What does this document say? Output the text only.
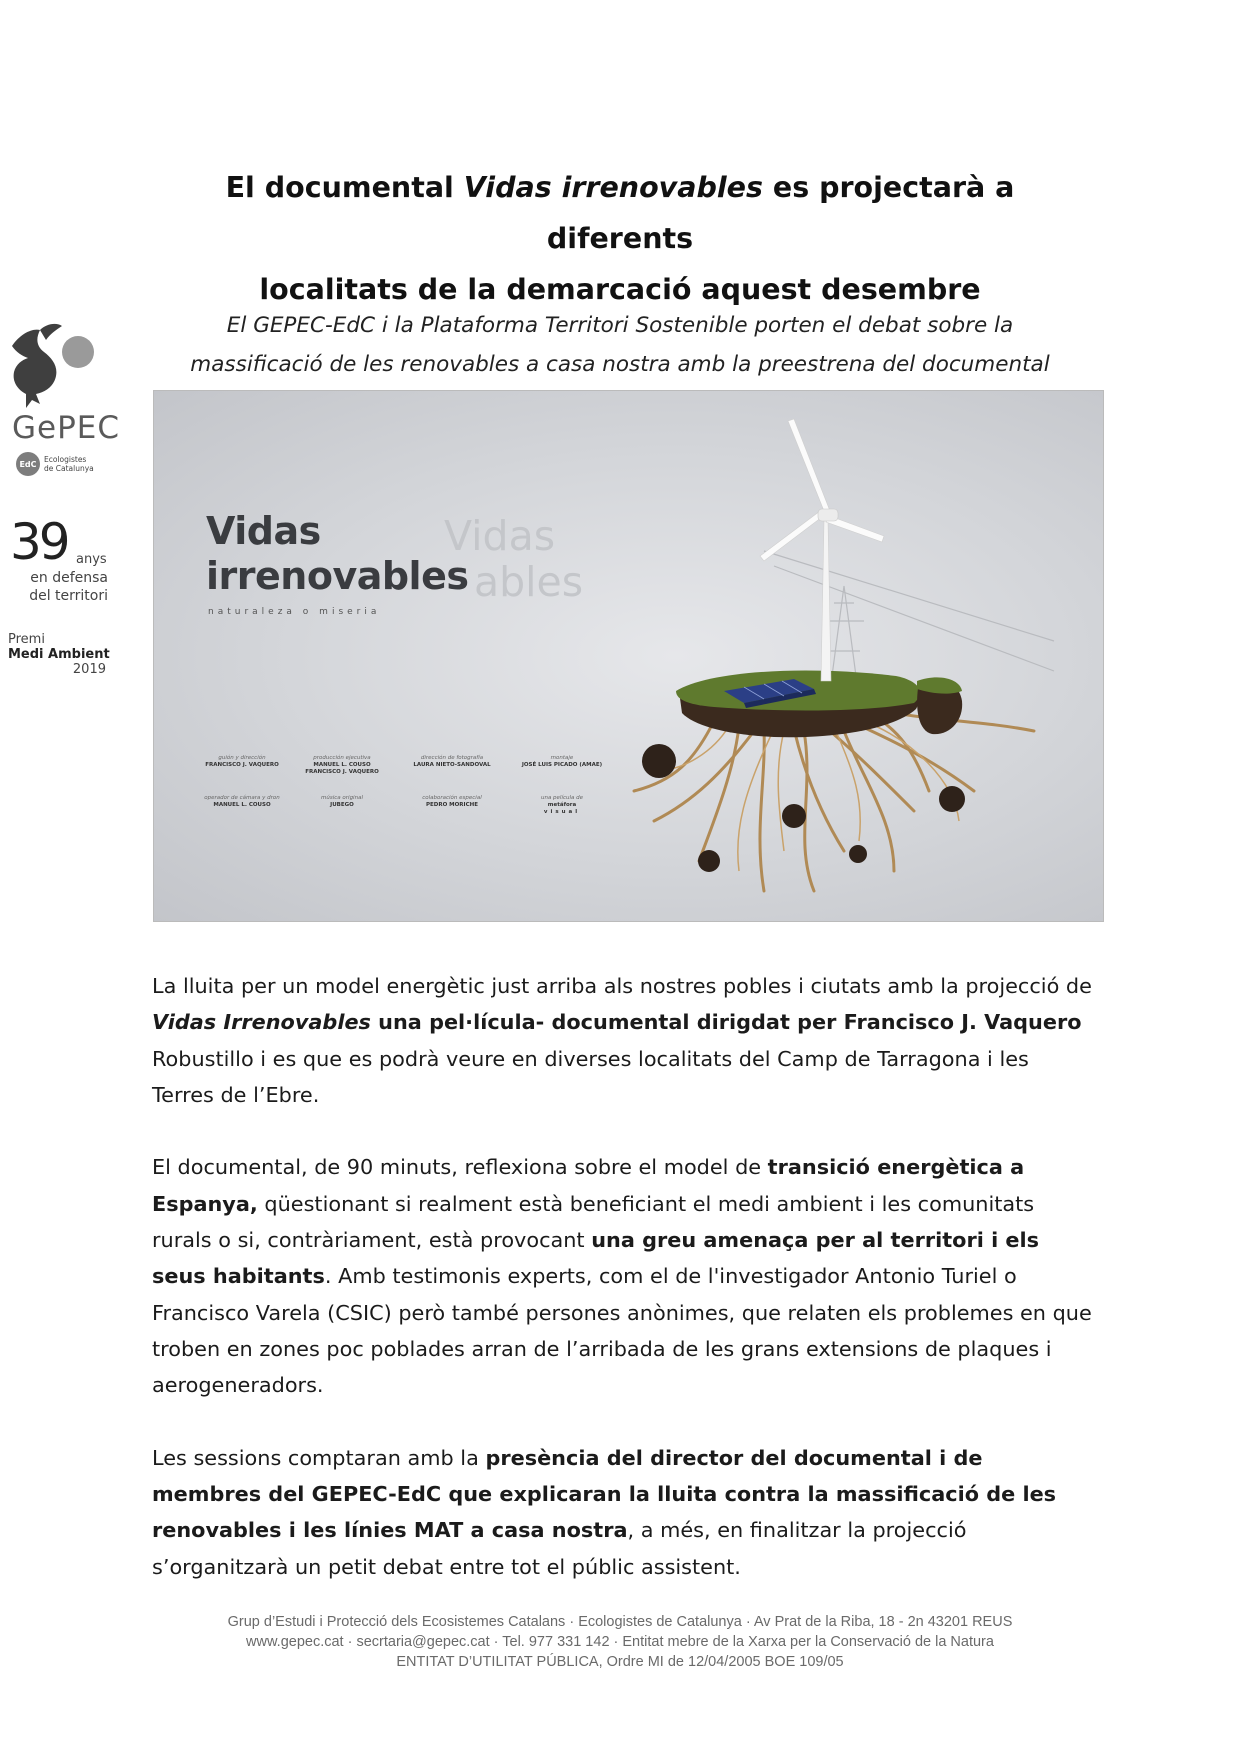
GePEC
EdC Ecologistes
de Catalunya
39 anys
en defensa
del territori
Premi
Medi Ambient
2019
El documental Vidas irrenovables es projectarà a diferents
localitats de la demarcació aquest desembre
El GEPEC-EdC i la Plataforma Territori Sostenible porten el debat sobre la
massificació de les renovables a casa nostra amb la preestrena del documental
Vidas
ables
Vidas
irrenovables
naturaleza o miseria
guión y dirección
FRANCISCO J. VAQUERO
producción ejecutiva
MANUEL L. COUSO
FRANCISCO J. VAQUERO
dirección de fotografía
LAURA NIETO-SANDOVAL
montaje
JOSÉ LUIS PICADO (AMAE)
operador de cámara y dron
MANUEL L. COUSO
música original
JUBEGO
colaboración especial
PEDRO MORICHE
una película de
metáfora
visual

La lluita per un model energètic just arriba als nostres pobles i ciutats amb la projecció de Vidas Irrenovables una pel·lícula- documental dirigdat per Francisco J. Vaquero Robustillo i es que es podrà veure en diverses localitats del Camp de Tarragona i les Terres de l’Ebre.

El documental, de 90 minuts, reflexiona sobre el model de transició energètica a Espanya, qüestionant si realment està beneficiant el medi ambient i les comunitats rurals o si, contràriament, està provocant una greu amenaça per al territori i els seus habitants. Amb testimonis experts, com el de l'investigador Antonio Turiel o Francisco Varela (CSIC) però també persones anònimes, que relaten els problemes en que troben en zones poc poblades arran de l’arribada de les grans extensions de plaques i aerogeneradors.

Les sessions comptaran amb la presència del director del documental i de membres del GEPEC-EdC que explicaran la lluita contra la massificació de les renovables i les línies MAT a casa nostra, a més, en finalitzar la projecció s’organitzarà un petit debat entre tot el públic assistent.

Grup d’Estudi i Protecció dels Ecosistemes Catalans · Ecologistes de Catalunya · Av Prat de la Riba, 18 - 2n 43201 REUS
www.gepec.cat · secrtaria@gepec.cat · Tel. 977 331 142 · Entitat mebre de la Xarxa per la Conservació de la Natura
ENTITAT D’UTILITAT PÚBLICA, Ordre MI de 12/04/2005 BOE 109/05
